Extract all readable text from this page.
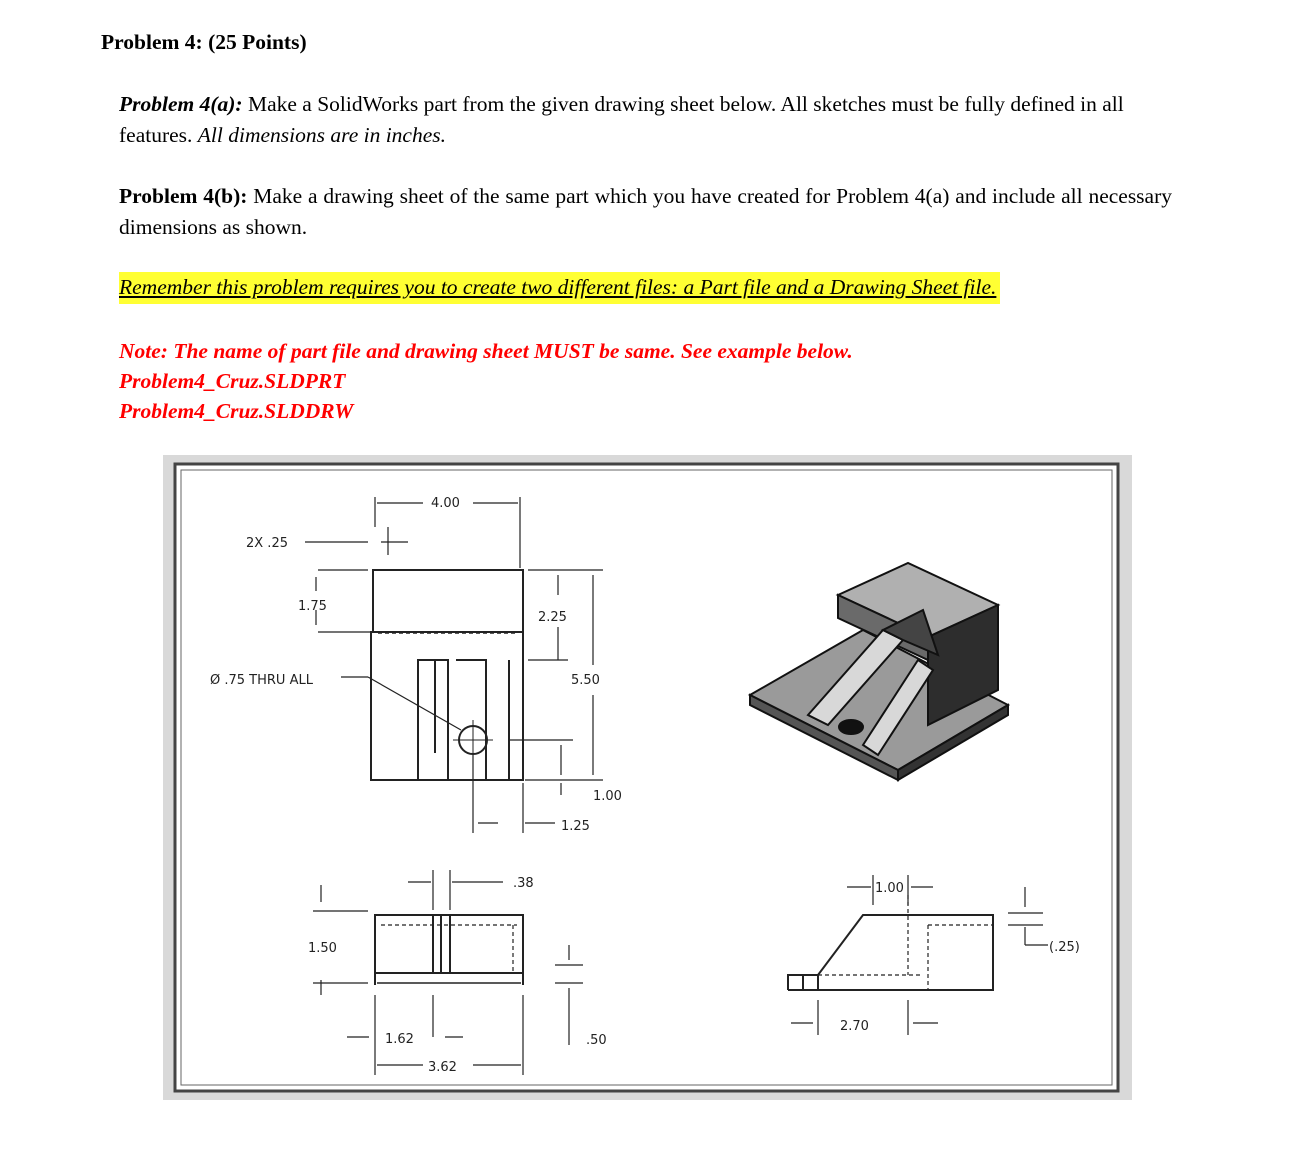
Problem 4: (25 Points)
Problem 4(a): Make a SolidWorks part from the given drawing sheet below. All sketches must be fully defined in all features. All dimensions are in inches.
Problem 4(b): Make a drawing sheet of the same part which you have created for Problem 4(a) and include all necessary dimensions as shown.
Remember this problem requires you to create two different files: a Part file and a Drawing Sheet file.
Note: The name of part file and drawing sheet MUST be same. See example below.
Problem4_Cruz.SLDPRT
Problem4_Cruz.SLDDRW
4.00
2X .25
1.75
2.25
5.50
Ø .75 THRU ALL
1.00
1.25
.38
1.50
1.62
3.62
.50
1.00
(.25)
2.70
